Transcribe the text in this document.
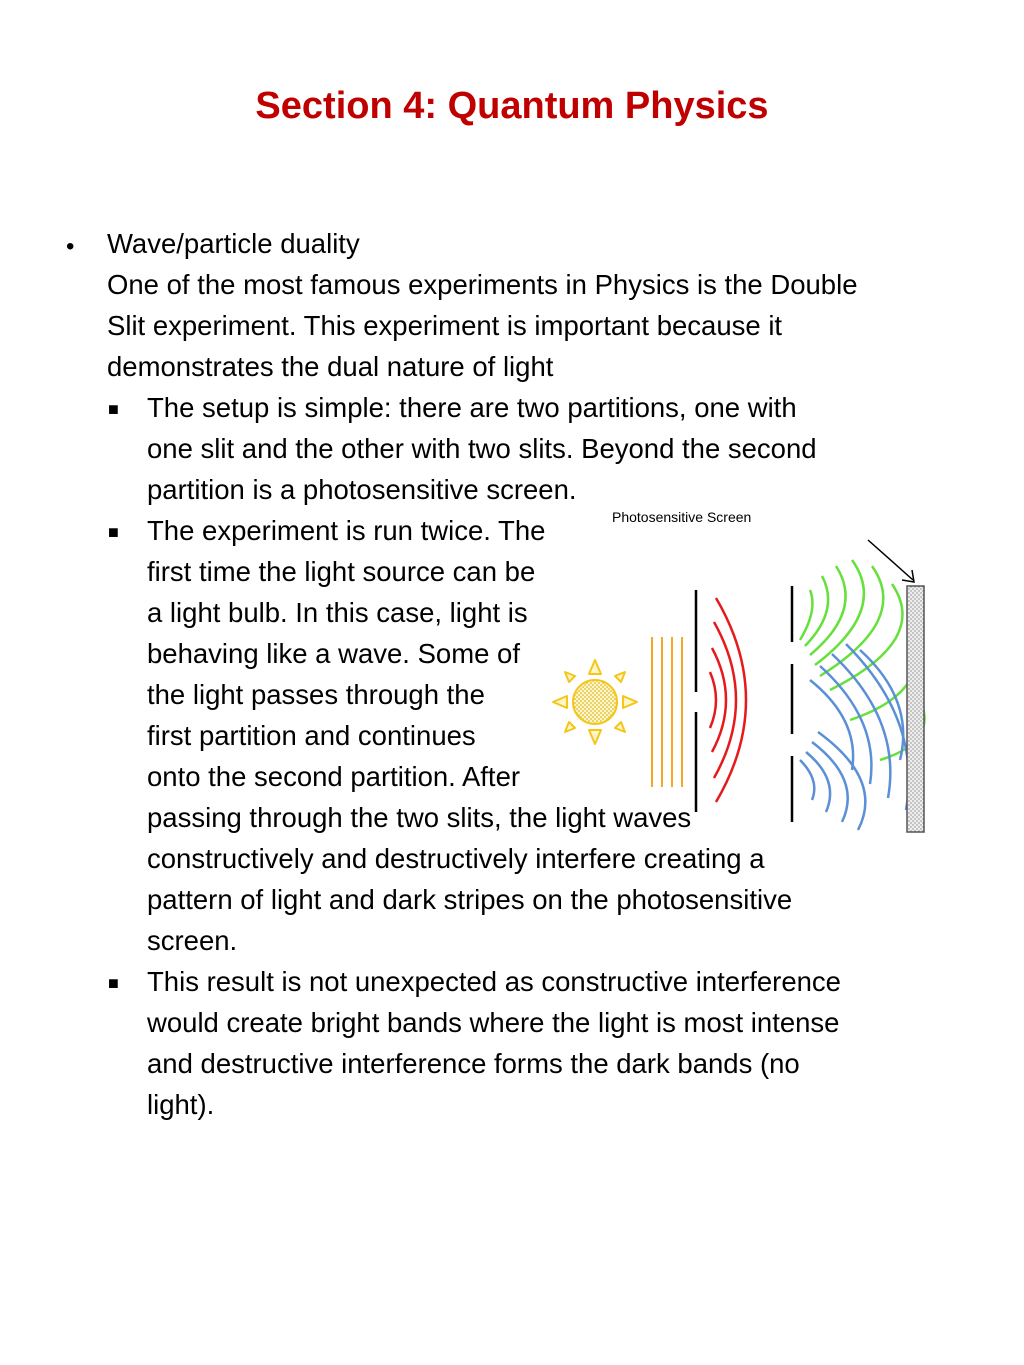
Section 4: Quantum Physics
• Wave/particle duality
One of the most famous experiments in Physics is the Double
Slit experiment. This experiment is important because it
demonstrates the dual nature of light
■ The setup is simple: there are two partitions, one with
one slit and the other with two slits. Beyond the second
partition is a photosensitive screen.
■ The experiment is run twice. The
first time the light source can be
a light bulb. In this case, light is
behaving like a wave. Some of
the light passes through the
first partition and continues
onto the second partition. After
passing through the two slits, the light waves
constructively and destructively interfere creating a
pattern of light and dark stripes on the photosensitive
screen.
■ This result is not unexpected as constructive interference
would create bright bands where the light is most intense
and destructive interference forms the dark bands (no
light).
Photosensitive Screen
